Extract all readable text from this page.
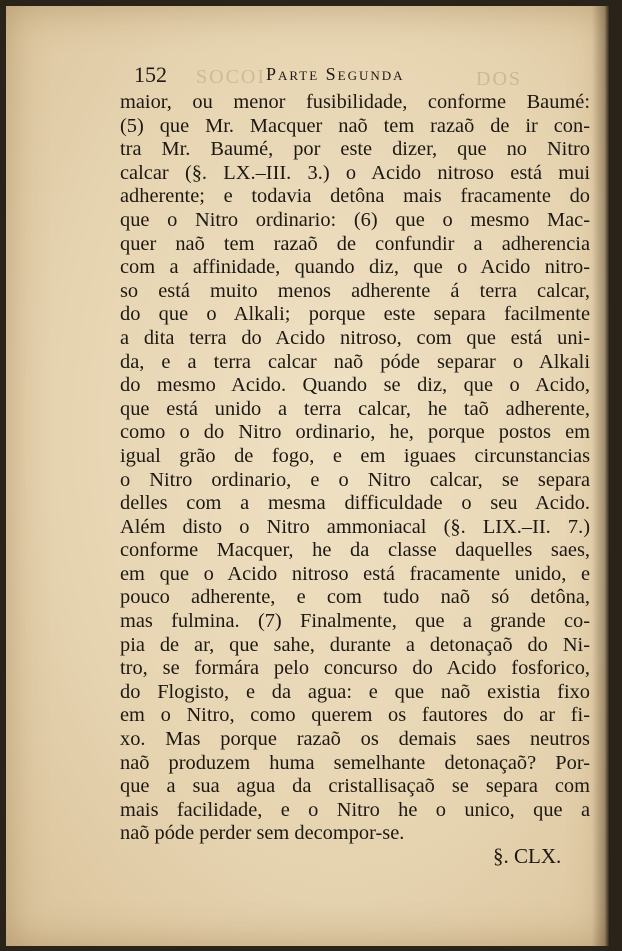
SOCOI	DOS
152	Parte Segunda
maior, ou menor fusibilidade, conforme Baumé:
(5) que Mr. Macquer naõ tem razaõ de ir con-
tra Mr. Baumé, por este dizer, que no Nitro
calcar (§. LX.–III. 3.) o Acido nitroso está mui
adherente; e todavia detôna mais fracamente do
que o Nitro ordinario: (6) que o mesmo Mac-
quer naõ tem razaõ de confundir a adherencia
com a affinidade, quando diz, que o Acido nitro-
so está muito menos adherente á terra calcar,
do que o Alkali; porque este separa facilmente
a dita terra do Acido nitroso, com que está uni-
da, e a terra calcar naõ póde separar o Alkali
do mesmo Acido. Quando se diz, que o Acido,
que está unido a terra calcar, he taõ adherente,
como o do Nitro ordinario, he, porque postos em
igual grão de fogo, e em iguaes circunstancias
o Nitro ordinario, e o Nitro calcar, se separa
delles com a mesma difficuldade o seu Acido.
Além disto o Nitro ammoniacal (§. LIX.–II. 7.)
conforme Macquer, he da classe daquelles saes,
em que o Acido nitroso está fracamente unido, e
pouco adherente, e com tudo naõ só detôna,
mas fulmina. (7) Finalmente, que a grande co-
pia de ar, que sahe, durante a detonaçaõ do Ni-
tro, se formára pelo concurso do Acido fosforico,
do Flogisto, e da agua: e que naõ existia fixo
em o Nitro, como querem os fautores do ar fi-
xo. Mas porque razaõ os demais saes neutros
naõ produzem huma semelhante detonaçaõ? Por-
que a sua agua da cristallisaçaõ se separa com
mais facilidade, e o Nitro he o unico, que a
naõ póde perder sem decompor-se.
§. CLX.
